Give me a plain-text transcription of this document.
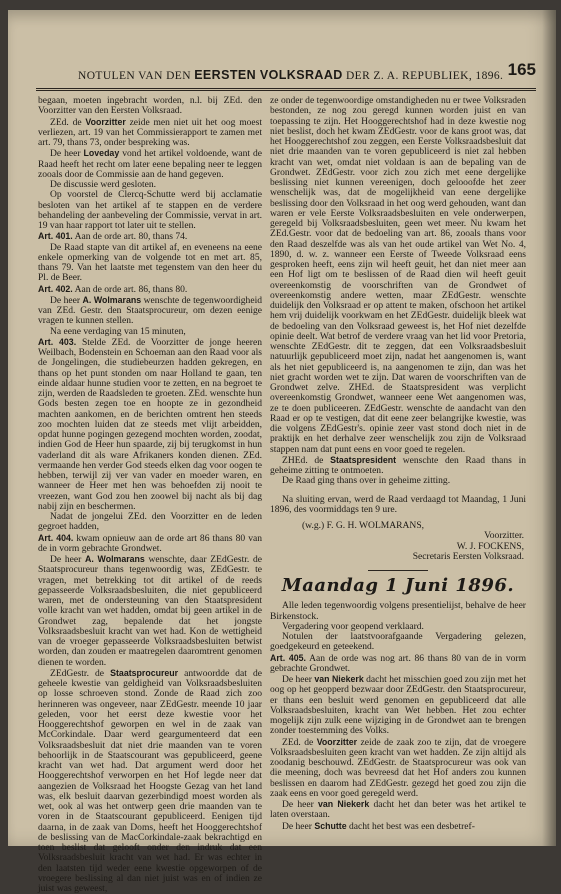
NOTULEN VAN DEN EERSTEN VOLKSRAAD DER Z. A. REPUBLIEK, 1896. 165

begaan, moeten ingebracht worden, n.l. bij ZEd. den Voorzitter van den Eersten Volksraad.

ZEd. de Voorzitter zeide men niet uit het oog moest verliezen, art. 19 van het Commissierapport te zamen met art. 79, thans 73, onder bespreking was.

De heer Loveday vond het artikel voldoende, want de Raad heeft het recht om later eene bepaling neer te leggen zooals door de Commissie aan de hand gegeven.

De discussie werd gesloten.

Op voorstel de Clercq-Schutte werd bij acclamatie besloten van het artikel af te stappen en de verdere behandeling der aanbeveling der Commissie, vervat in art. 19 van haar rapport tot later uit te stellen.

Art. 401. Aan de orde art. 80, thans 74.

De Raad stapte van dit artikel af, en eveneens na eene enkele opmerking van de volgende tot en met art. 85, thans 79. Van het laatste met tegenstem van den heer du Pl. de Beer.

Art. 402. Aan de orde art. 86, thans 80.

De heer A. Wolmarans wenschte de tegenwoordigheid van ZEd. Gestr. den Staatsprocureur, om dezen eenige vragen te kunnen stellen.

Na eene verdaging van 15 minuten,

Art. 403. Stelde ZEd. de Voorzitter de jonge heeren Weilbach, Bodenstein en Schoeman aan den Raad voor als de Jongelingen, die studiebeurzen hadden gekregen, en thans op het punt stonden om naar Holland te gaan, ten einde aldaar hunne studien voor te zetten, en na begroet te zijn, werden de Raadsleden te groeten. ZEd. wenschte hun Gods besten zegen toe en hoopte ze in gezondheid machten aankomen, en de berichten omtrent hen steeds zoo mochten luiden dat ze steeds met vlijt arbeidden, opdat hunne pogingen gezegend mochten worden, zoodat, indien God de Heer hun spaarde, zij bij terugkomst in hun vaderland dit als ware Afrikaners konden dienen. ZEd. vermaande hen verder God steeds elken dag voor oogen te hebben, terwijl zij ver van vader en moeder waren, en wanneer de Heer met hen was behoefden zij nooit te vreezen, want God zou hen zoowel bij nacht als bij dag nabij zijn en beschermen.

Nadat de jongelui ZEd. den Voorzitter en de leden gegroet hadden,

Art. 404. kwam opnieuw aan de orde art 86 thans 80 van de in vorm gebrachte Grondwet.

De heer A. Wolmarans wenschte, daar ZEdGestr. de Staatsprocureur thans tegenwoordig was, ZEdGestr. te vragen, met betrekking tot dit artikel of de reeds gepasseerde Volksraadsbesluiten, die niet gepubliceerd waren, met de ondersteuning van den Staatspresident volle kracht van wet hadden, omdat bij geen artikel in de Grondwet zag, bepalende dat het jongste Volksraadsbesluit kracht van wet had. Kon de wettigheid van de vroeger gepasseerde Volksraadsbesluiten betwist worden, dan zouden er maatregelen daaromtrent genomen dienen te worden.

ZEdGestr. de Staatsprocureur antwoordde dat de geheele kwestie van geldigheid van Volksraadsbesluiten op losse schroeven stond. Zonde de Raad zich zoo herinneren was ongeveer, naar ZEdGestr. meende 10 jaar geleden, voor het eerst deze kwestie voor het Hooggerechtshof geworpen en wel in de zaak van McCorkindale. Daar werd geargumenteerd dat een Volksraadsbesluit dat niet drie maanden van te voren behoorlijk in de Staatscourant was gepubliceerd, geene kracht van wet had. Dat argument werd door het Hooggerechtshof verworpen en het Hof legde neer dat aangezien de Volksraad het Hoogste Gezag van het land was, elk besluit daarvan gezerbindigd moest worden als wet, ook al was het ontwerp geen drie maanden van te voren in de Staatscourant gepubliceerd. Eenigen tijd daarna, in de zaak van Doms, heeft het Hooggerechtshof de beslissing van de MacCorkindale-zaak bekrachtigd en toen beslist dat gelooft onder den indruk dat een Volksraadsbesluit kracht van wet had. Er was echter in den laatsten tijd weder eene kwestie opgeworpen of de vroegere beslissing al dan niet juist was en of indien ze juist was geweest,

ze onder de tegenwoordige omstandigheden nu er twee Volksraden bestonden, ze nog zou geregd kunnen worden juist en van toepassing te zijn. Het Hooggerechtshof had in deze kwestie nog niet beslist, doch het kwam ZEdGestr. voor de kans groot was, dat het Hooggerechtshof zou zeggen, een Eerste Volksraadsbesluit dat niet drie maanden van te voren gepubliceerd is niet zal hebben kracht van wet, omdat niet voldaan is aan de bepaling van de Grondwet. ZEdGestr. voor zich zou zich met eene dergelijke beslissing niet kunnen vereenigen, doch gelooofde het zeer wenschelijk was, dat de mogelijkheid van eene dergelijke beslissing door den Volksraad in het oog werd gehouden, want dan waren er vele Eerste Volksraadsbesluiten en vele onderwerpen, geregeld bij Volksraadsbesluiten, geen wet meer. Nu kwam het ZEd.Gestr. voor dat de bedoeling van art. 86, zooals thans voor den Raad deszelfde was als van het oude artikel van Wet No. 4, 1890, d. w. z. wanneer een Eerste of Tweede Volksraad eens gesproken heeft, eens zijn wil heeft geuit, het dan niet meer aan een Hof ligt om te beslissen of de Raad dien wil heeft geuit overeenkomstig de voorschriften van de Grondwet of overeenkomstig andere wetten, maar ZEdGestr. wenschte duidelijk den Volksraad er op attent te maken, ofschoon het artikel hem vrij duidelijk voorkwam en het ZEdGestr. duidelijk bleek wat de bedoeling van den Volksraad geweest is, het Hof niet dezelfde opinie deelt. Wat betrof de verdere vraag van het lid voor Pretoria, wenschte ZEdGestr. dit te zeggen, dat een Volksraadsbesluit natuurlijk gepubliceerd moet zijn, nadat het aangenomen is, want als het niet gepubliceerd is, na aangenomen te zijn, dan was het niet gracht worden wet te zijn. Dat waren de voorschriften van de Grondwet zelve. ZHEd. de Staatspresident was verplicht overeenkomstig Grondwet, wanneer eene Wet aangenomen was, ze te doen publiceeren. ZEdGestr. wenschte de aandacht van den Raad er op te vestigen, dat dit eene zeer belangrijke kwestie, was die volgens ZEdGestr's. opinie zeer vast stond doch niet in de praktijk en het derhalve zeer wenschelijk zou zijn de Volksraad stappen nam dat punt eens en voor goed te regelen.

ZHEd. de Staatspresident wenschte den Raad thans in geheime zitting te ontmoeten.

De Raad ging thans over in geheime zitting.

Na sluiting ervan, werd de Raad verdaagd tot Maandag, 1 Juni 1896, des voormiddags ten 9 ure.

(w.g.) F. G. H. WOLMARANS,
Voorzitter.
W. J. FOCKENS,
Secretaris Eersten Volksraad.
Maandag 1 Juni 1896.

Alle leden tegenwoordig volgens presentielijst, behalve de heer Birkenstock.

Vergadering voor geopend verklaard.

Notulen der laatstvoorafgaande Vergadering gelezen, goedgekeurd en geteekend.

Art. 405. Aan de orde was nog art. 86 thans 80 van de in vorm gebrachte Grondwet.

De heer van Niekerk dacht het misschien goed zou zijn met het oog op het geopperd bezwaar door ZEdGestr. den Staatsprocureur, er thans een besluit werd genomen en gepubliceerd dat alle Volksraadsbesluiten, kracht van Wet hebben. Het zou echter mogelijk zijn zulk eene wijziging in de Grondwet aan te brengen zonder toestemming des Volks.

ZEd. de Voorzitter zeide de zaak zoo te zijn, dat de vroegere Volksraadsbesluiten geen kracht van wet hadden. Ze zijn altijd als zoodanig beschouwd. ZEdGestr. de Staatsprocureur was ook van die meening, doch was bevreesd dat het Hof anders zou kunnen beslissen en daarom had ZEdGestr. gezegd het goed zou zijn die zaak eens en voor goed geregeld werd.

De heer van Niekerk dacht het dan beter was het artikel te laten overstaan.

De heer Schutte dacht het best was een desbetref-
